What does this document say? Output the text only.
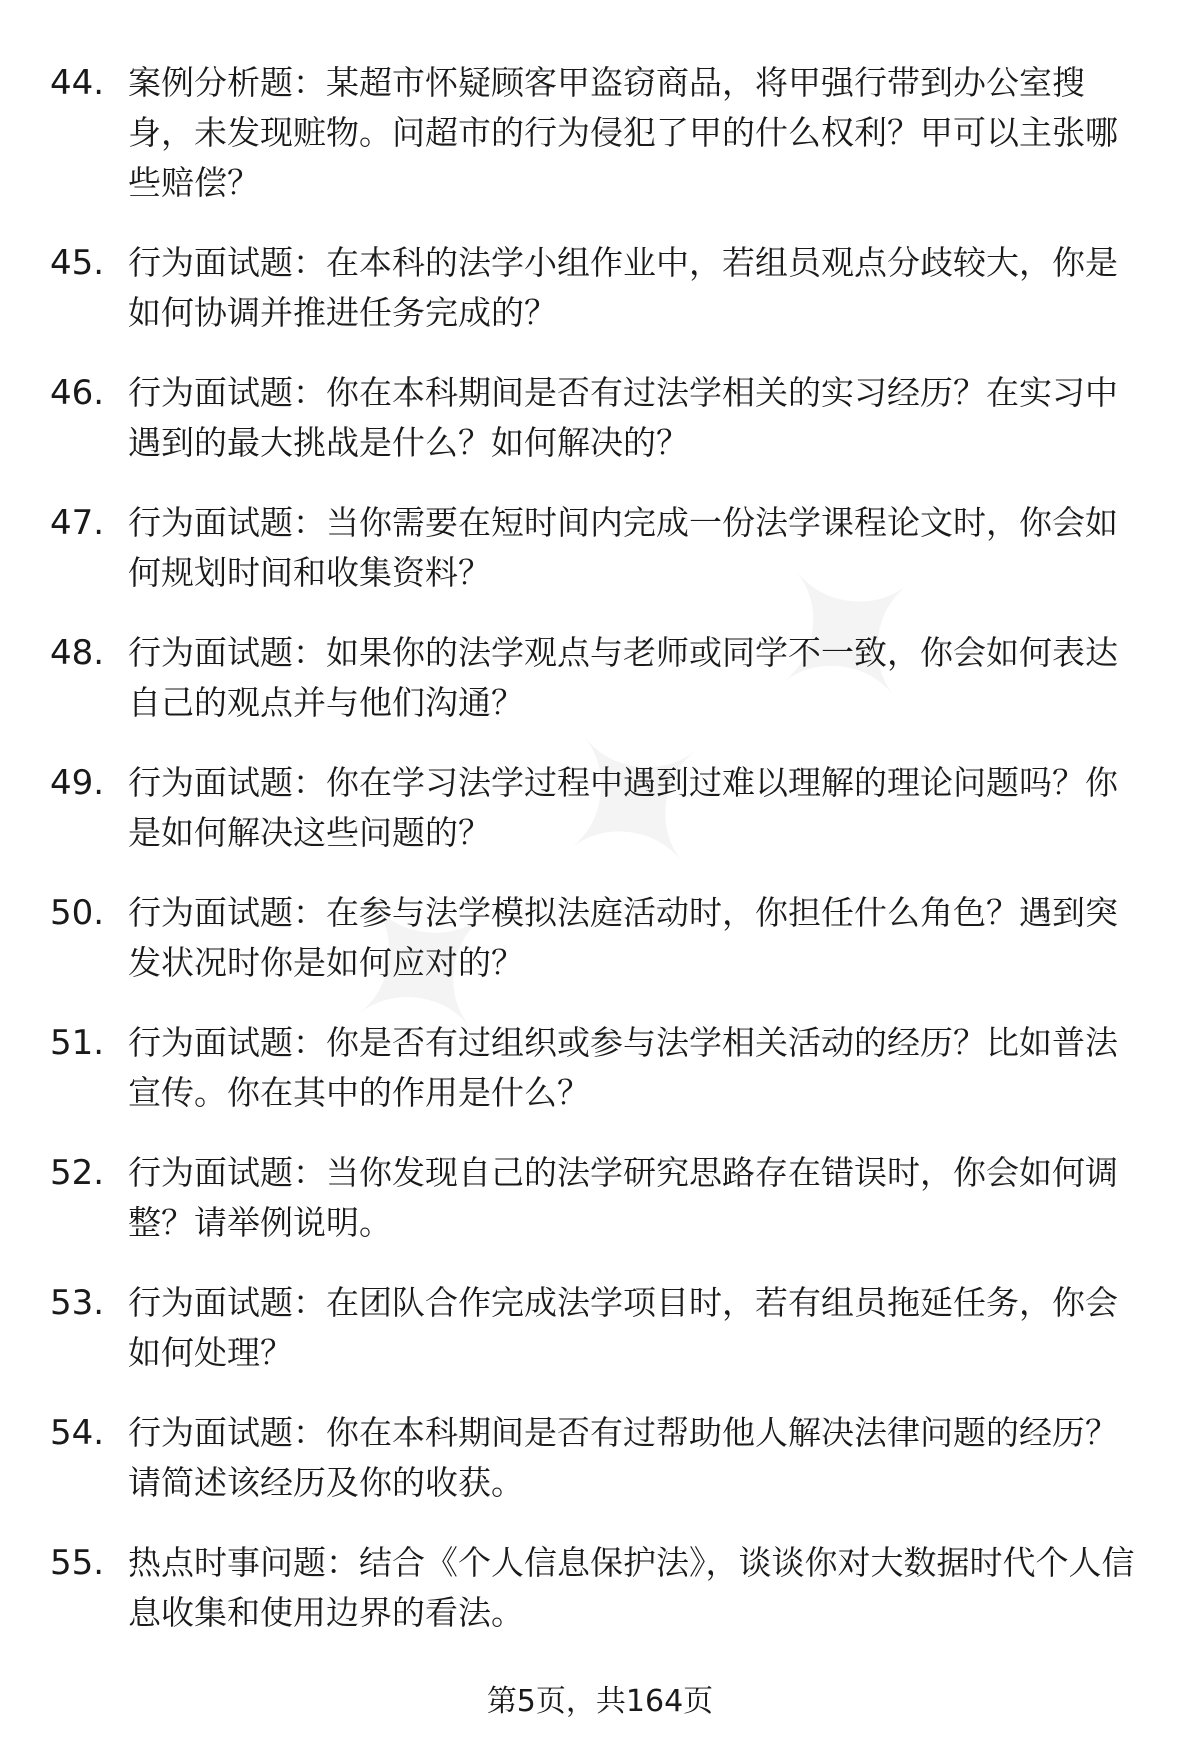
44. 案例分析题：某超市怀疑顾客甲盗窃商品，将甲强行带到办公室搜身，未发现赃物。问超市的行为侵犯了甲的什么权利？甲可以主张哪些赔偿？
45. 行为面试题：在本科的法学小组作业中，若组员观点分歧较大，你是如何协调并推进任务完成的？
46. 行为面试题：你在本科期间是否有过法学相关的实习经历？在实习中遇到的最大挑战是什么？如何解决的？
47. 行为面试题：当你需要在短时间内完成一份法学课程论文时，你会如何规划时间和收集资料？
48. 行为面试题：如果你的法学观点与老师或同学不一致，你会如何表达自己的观点并与他们沟通？
49. 行为面试题：你在学习法学过程中遇到过难以理解的理论问题吗？你是如何解决这些问题的？
50. 行为面试题：在参与法学模拟法庭活动时，你担任什么角色？遇到突发状况时你是如何应对的？
51. 行为面试题：你是否有过组织或参与法学相关活动的经历？比如普法宣传。你在其中的作用是什么？
52. 行为面试题：当你发现自己的法学研究思路存在错误时，你会如何调整？请举例说明。
53. 行为面试题：在团队合作完成法学项目时，若有组员拖延任务，你会如何处理？
54. 行为面试题：你在本科期间是否有过帮助他人解决法律问题的经历？请简述该经历及你的收获。
55. 热点时事问题：结合《个人信息保护法》，谈谈你对大数据时代个人信息收集和使用边界的看法。
第5页，共164页
